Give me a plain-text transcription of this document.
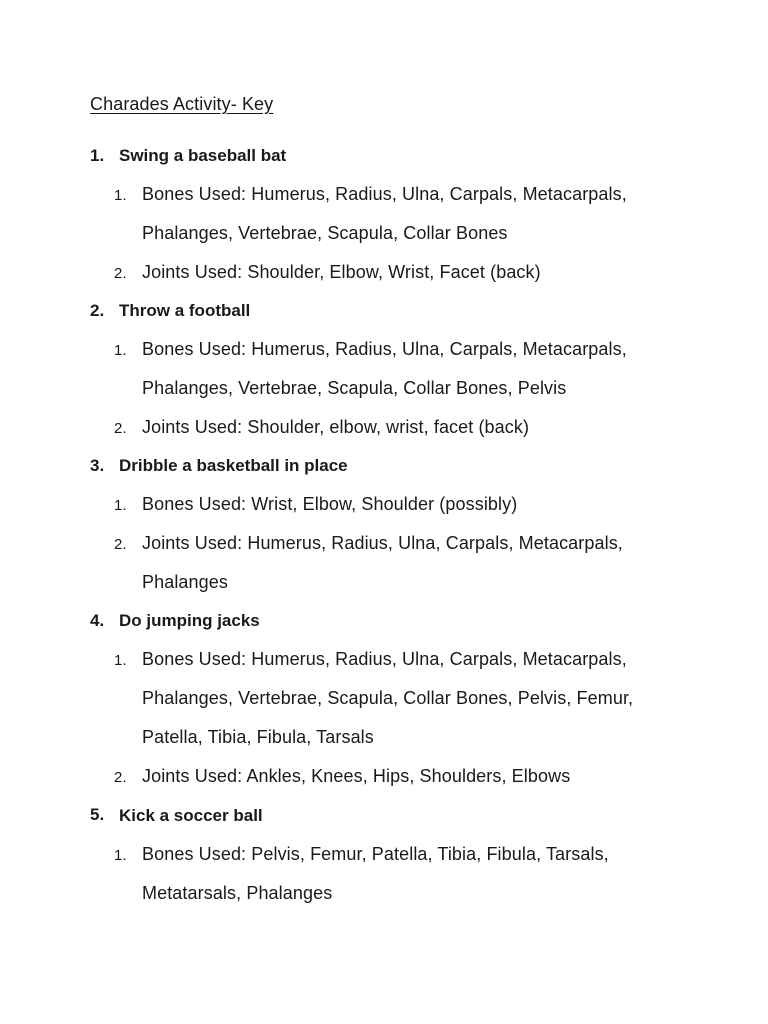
Charades Activity- Key
1. Swing a baseball bat
1. Bones Used: Humerus, Radius, Ulna, Carpals, Metacarpals,
Phalanges, Vertebrae, Scapula, Collar Bones
2. Joints Used: Shoulder, Elbow, Wrist, Facet (back)
2. Throw a football
1. Bones Used: Humerus, Radius, Ulna, Carpals, Metacarpals,
Phalanges, Vertebrae, Scapula, Collar Bones, Pelvis
2. Joints Used: Shoulder, elbow, wrist, facet (back)
3. Dribble a basketball in place
1. Bones Used: Wrist, Elbow, Shoulder (possibly)
2. Joints Used: Humerus, Radius, Ulna, Carpals, Metacarpals,
Phalanges
4. Do jumping jacks
1. Bones Used: Humerus, Radius, Ulna, Carpals, Metacarpals,
Phalanges, Vertebrae, Scapula, Collar Bones, Pelvis, Femur,
Patella, Tibia, Fibula, Tarsals
2. Joints Used: Ankles, Knees, Hips, Shoulders, Elbows
5. Kick a soccer ball
1. Bones Used: Pelvis, Femur, Patella, Tibia, Fibula, Tarsals,
Metatarsals, Phalanges
